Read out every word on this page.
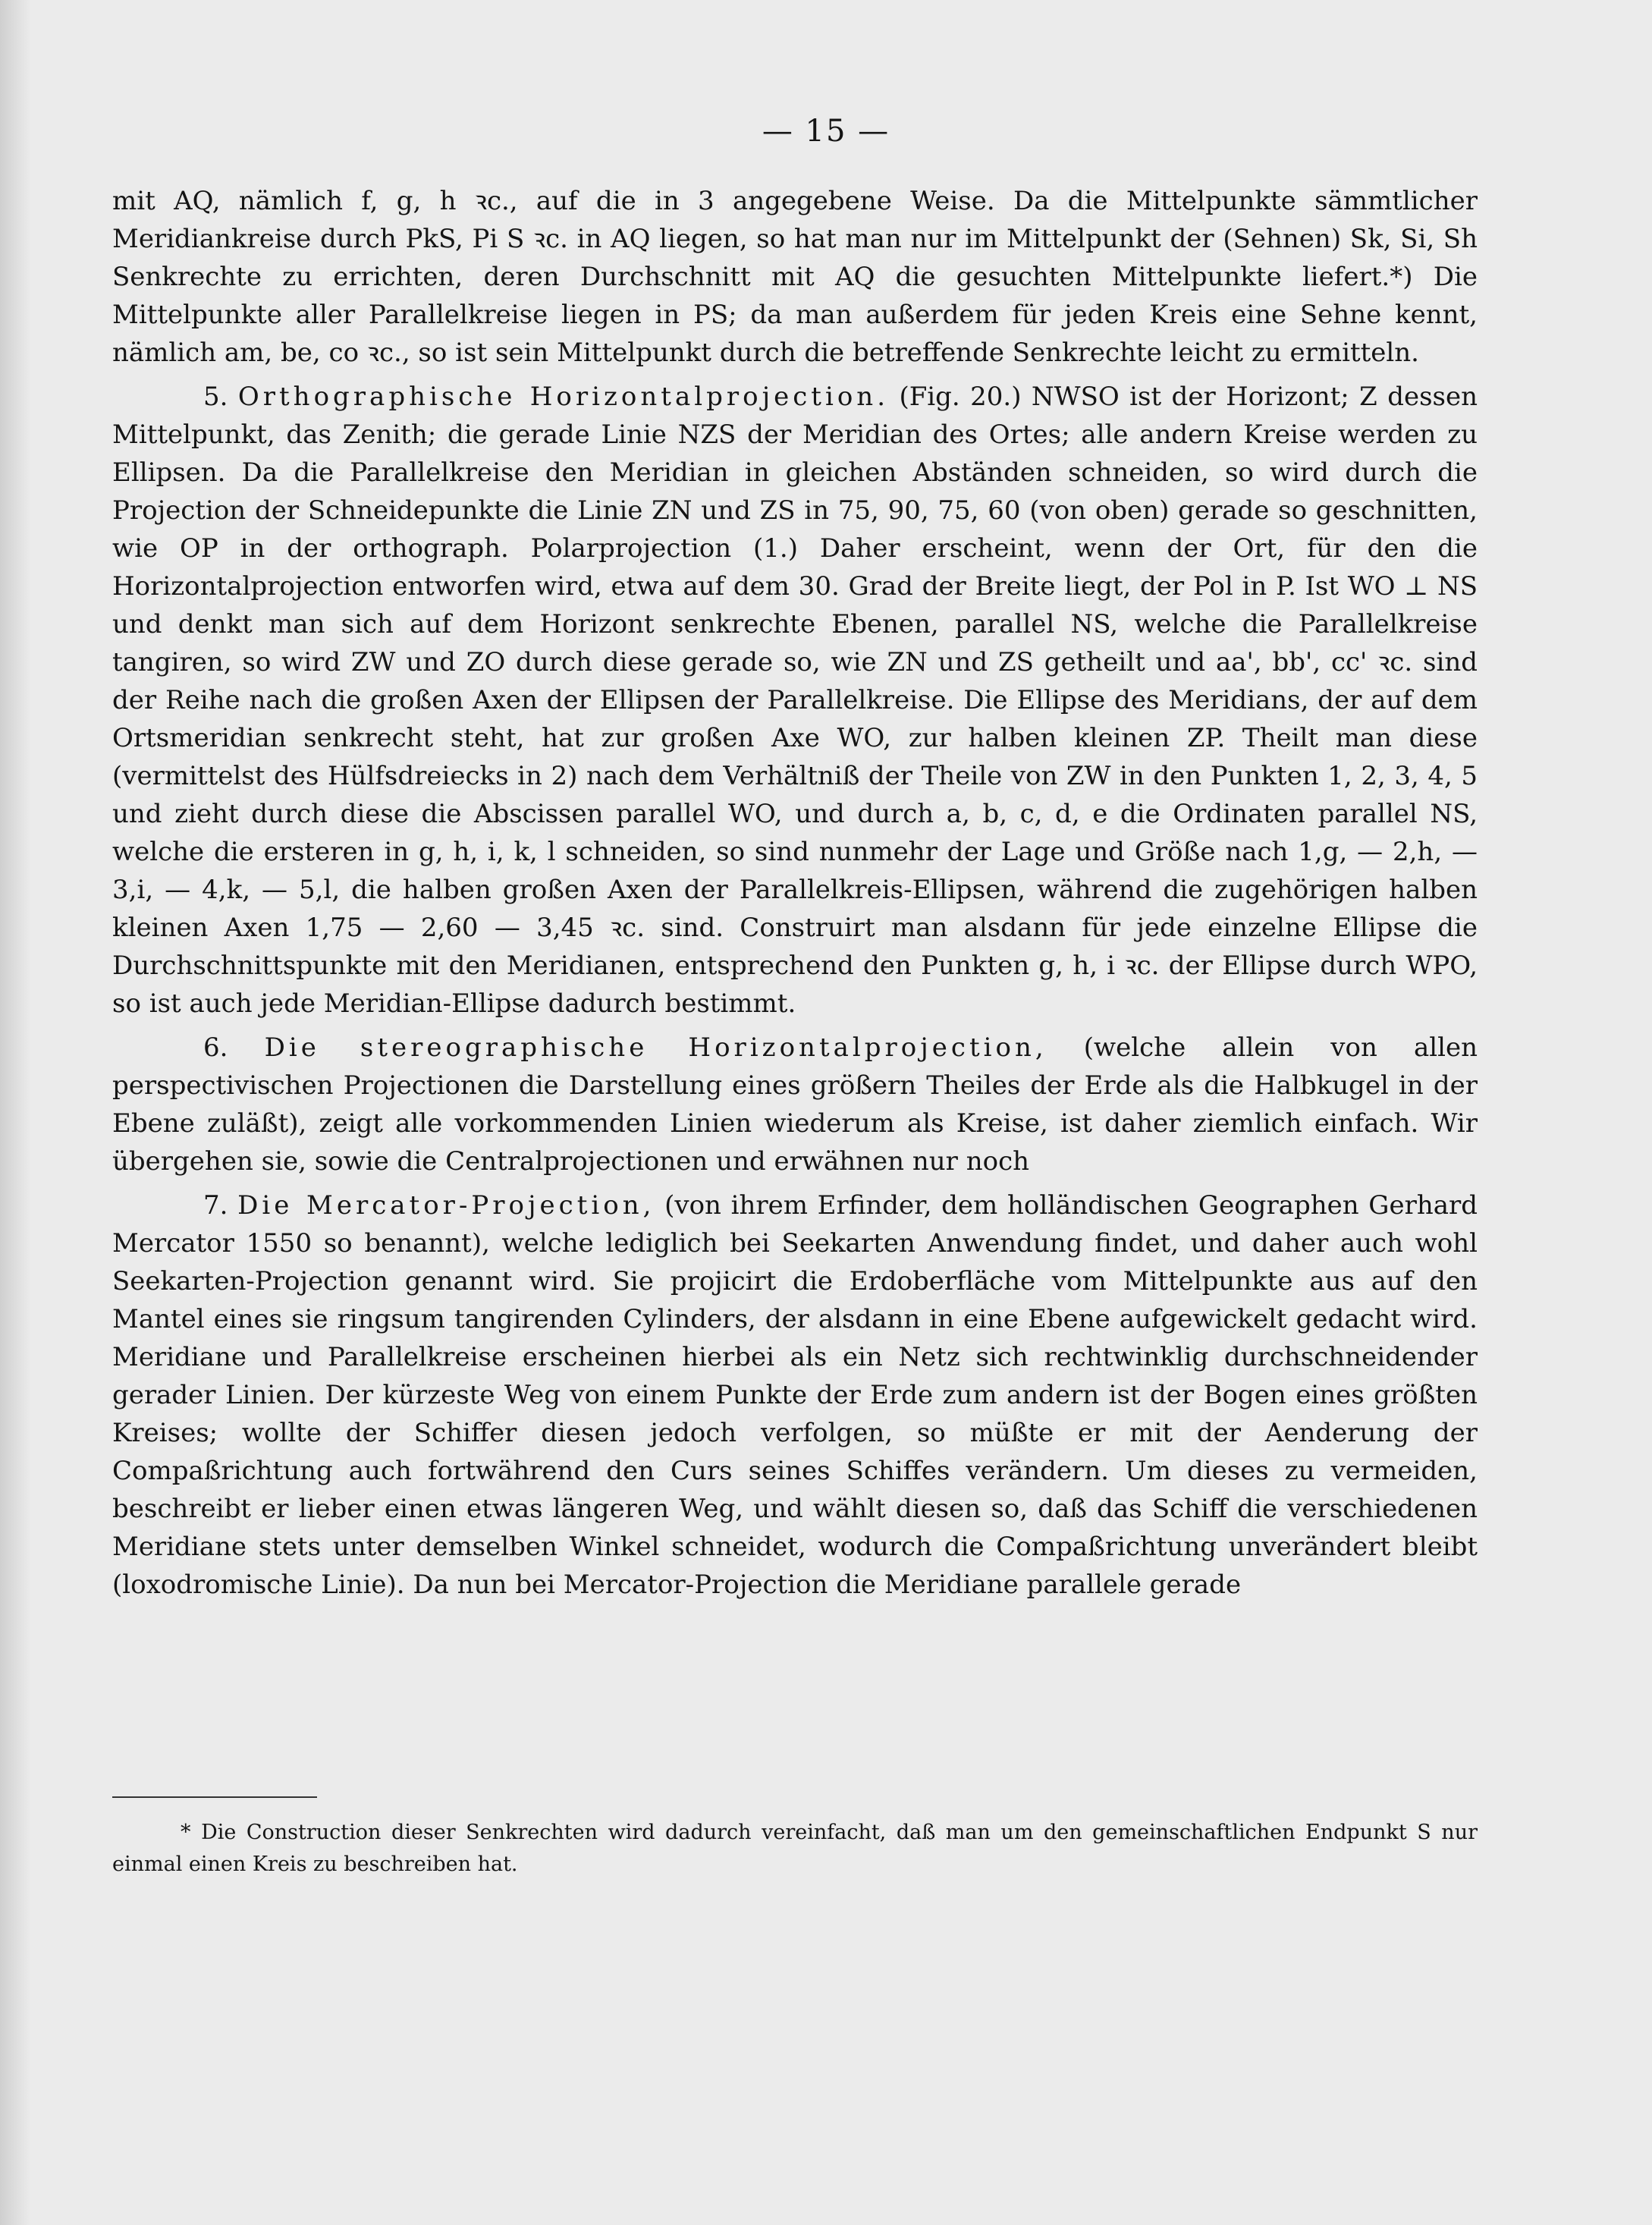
— 15 —

mit AQ, nämlich f, g, h ꝛc., auf die in 3 angegebene Weise. Da die Mittelpunkte sämmtlicher Meridiankreise durch PkS, Pi S ꝛc. in AQ liegen, so hat man nur im Mittelpunkt der (Sehnen) Sk, Si, Sh Senkrechte zu errichten, deren Durchschnitt mit AQ die gesuchten Mittelpunkte liefert.*) Die Mittelpunkte aller Parallelkreise liegen in PS; da man außerdem für jeden Kreis eine Sehne kennt, nämlich am, be, co ꝛc., so ist sein Mittelpunkt durch die betreffende Senkrechte leicht zu ermitteln.

5. Orthographische Horizontalprojection. (Fig. 20.) NWSO ist der Horizont; Z dessen Mittelpunkt, das Zenith; die gerade Linie NZS der Meridian des Ortes; alle andern Kreise werden zu Ellipsen. Da die Parallelkreise den Meridian in gleichen Abständen schneiden, so wird durch die Projection der Schneidepunkte die Linie ZN und ZS in 75, 90, 75, 60 (von oben) gerade so geschnitten, wie OP in der orthograph. Polarprojection (1.) Daher erscheint, wenn der Ort, für den die Horizontalprojection entworfen wird, etwa auf dem 30. Grad der Breite liegt, der Pol in P. Ist WO ⊥ NS und denkt man sich auf dem Horizont senkrechte Ebenen, parallel NS, welche die Parallelkreise tangiren, so wird ZW und ZO durch diese gerade so, wie ZN und ZS getheilt und aa', bb', cc' ꝛc. sind der Reihe nach die großen Axen der Ellipsen der Parallelkreise. Die Ellipse des Meridians, der auf dem Ortsmeridian senkrecht steht, hat zur großen Axe WO, zur halben kleinen ZP. Theilt man diese (vermittelst des Hülfsdreiecks in 2) nach dem Verhältniß der Theile von ZW in den Punkten 1, 2, 3, 4, 5 und zieht durch diese die Abscissen parallel WO, und durch a, b, c, d, e die Ordinaten parallel NS, welche die ersteren in g, h, i, k, l schneiden, so sind nunmehr der Lage und Größe nach 1,g, — 2,h, — 3,i, — 4,k, — 5,l, die halben großen Axen der Parallelkreis-Ellipsen, während die zugehörigen halben kleinen Axen 1,75 — 2,60 — 3,45 ꝛc. sind. Construirt man alsdann für jede einzelne Ellipse die Durchschnittspunkte mit den Meridianen, entsprechend den Punkten g, h, i ꝛc. der Ellipse durch WPO, so ist auch jede Meridian-Ellipse dadurch bestimmt.

6. Die stereographische Horizontalprojection, (welche allein von allen perspectivischen Projectionen die Darstellung eines größern Theiles der Erde als die Halbkugel in der Ebene zuläßt), zeigt alle vorkommenden Linien wiederum als Kreise, ist daher ziemlich einfach. Wir übergehen sie, sowie die Centralprojectionen und erwähnen nur noch

7. Die Mercator-Projection, (von ihrem Erfinder, dem holländischen Geographen Gerhard Mercator 1550 so benannt), welche lediglich bei Seekarten Anwendung findet, und daher auch wohl Seekarten-Projection genannt wird. Sie projicirt die Erdoberfläche vom Mittelpunkte aus auf den Mantel eines sie ringsum tangirenden Cylinders, der alsdann in eine Ebene aufgewickelt gedacht wird. Meridiane und Parallelkreise erscheinen hierbei als ein Netz sich rechtwinklig durchschneidender gerader Linien. Der kürzeste Weg von einem Punkte der Erde zum andern ist der Bogen eines größten Kreises; wollte der Schiffer diesen jedoch verfolgen, so müßte er mit der Aenderung der Compaßrichtung auch fortwährend den Curs seines Schiffes verändern. Um dieses zu vermeiden, beschreibt er lieber einen etwas längeren Weg, und wählt diesen so, daß das Schiff die verschiedenen Meridiane stets unter demselben Winkel schneidet, wodurch die Compaßrichtung unverändert bleibt (loxodromische Linie). Da nun bei Mercator-Projection die Meridiane parallele gerade

* Die Construction dieser Senkrechten wird dadurch vereinfacht, daß man um den gemeinschaftlichen Endpunkt S nur einmal einen Kreis zu beschreiben hat.
